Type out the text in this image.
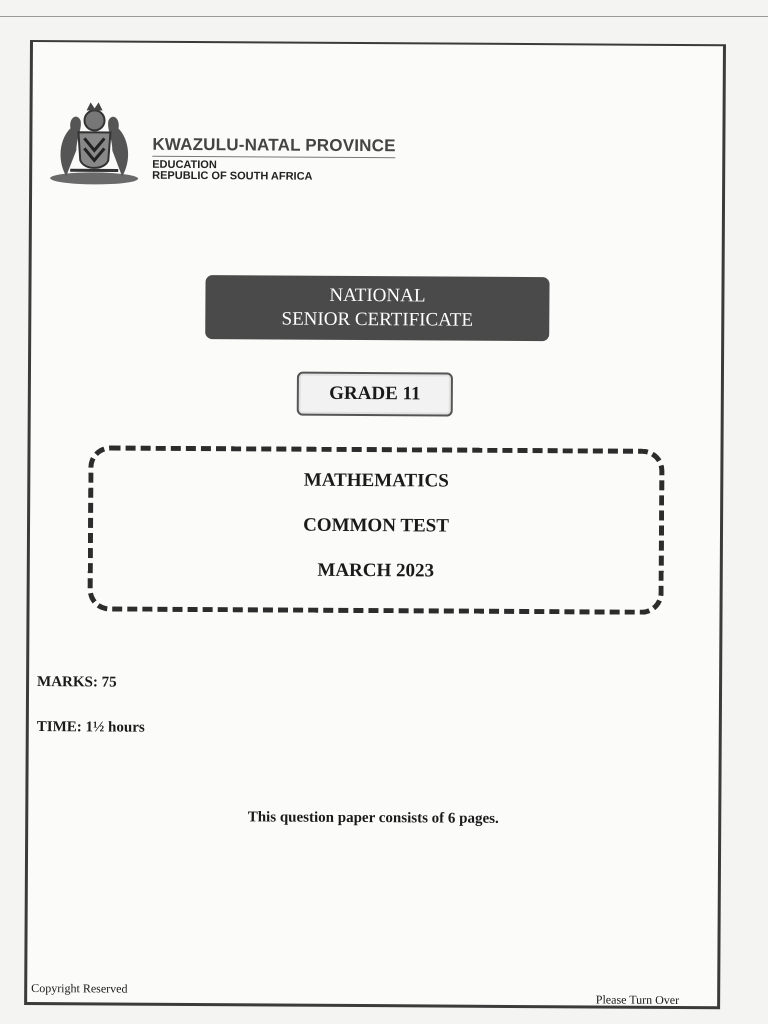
KWAZULU-NATAL PROVINCE
EDUCATION
REPUBLIC OF SOUTH AFRICA
NATIONAL
SENIOR CERTIFICATE
GRADE 11
MATHEMATICS
COMMON TEST
MARCH 2023
MARKS: 75
TIME: 1½ hours
This question paper consists of 6 pages.
Copyright Reserved
Please Turn Over
